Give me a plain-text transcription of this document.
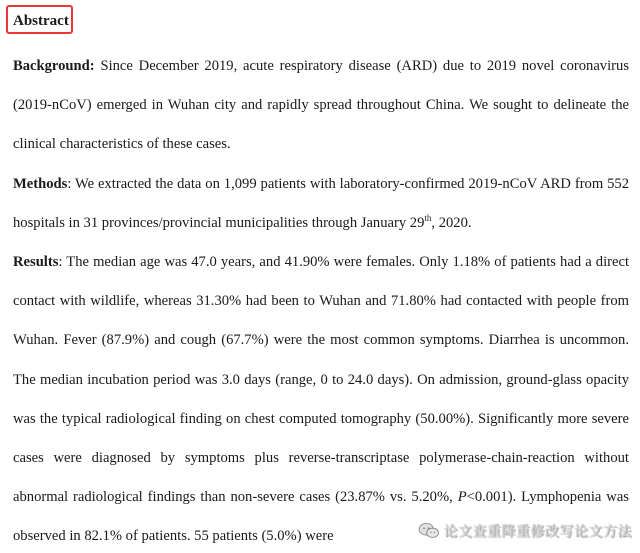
Abstract

Background: Since December 2019, acute respiratory disease (ARD) due to 2019 novel coronavirus (2019-nCoV) emerged in Wuhan city and rapidly spread throughout China. We sought to delineate the clinical characteristics of these cases.

Methods: We extracted the data on 1,099 patients with laboratory-confirmed 2019-nCoV ARD from 552 hospitals in 31 provinces/provincial municipalities through January 29th, 2020.

Results: The median age was 47.0 years, and 41.90% were females. Only 1.18% of patients had a direct contact with wildlife, whereas 31.30% had been to Wuhan and 71.80% had contacted with people from Wuhan. Fever (87.9%) and cough (67.7%) were the most common symptoms. Diarrhea is uncommon. The median incubation period was 3.0 days (range, 0 to 24.0 days). On admission, ground-glass opacity was the typical radiological finding on chest computed tomography (50.00%). Significantly more severe cases were diagnosed by symptoms plus reverse-transcriptase polymerase-chain-reaction without abnormal radiological findings than non-severe cases (23.87% vs. 5.20%, P<0.001). Lymphopenia was observed in 82.1% of patients. 55 patients (5.0%) were	论文查重降重修改写论文方法
